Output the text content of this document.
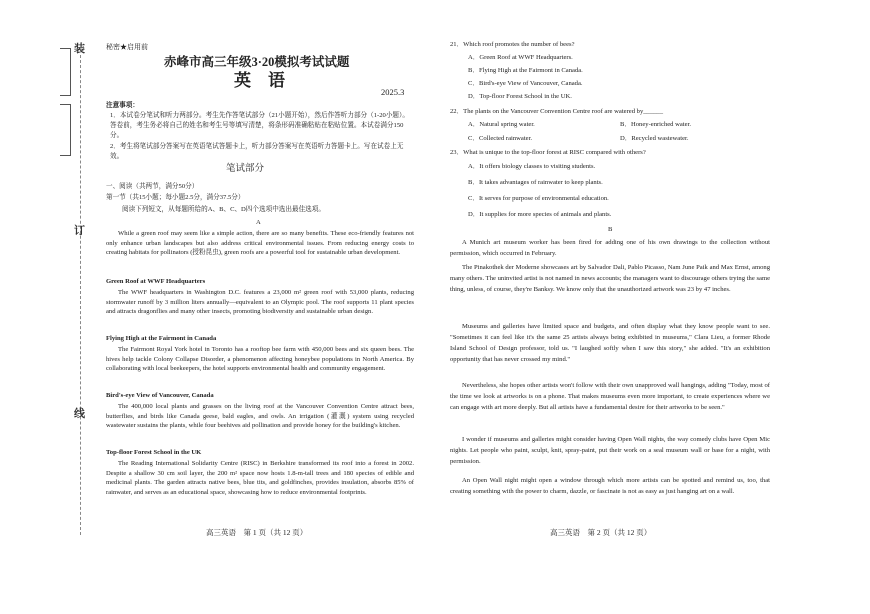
装
订
线
秘密★启用前
赤峰市高三年级3·20模拟考试试题
英　语
2025.3
注意事项：
1．本试卷分笔试和听力两部分。考生先作答笔试部分（21小题开始），然后作答听力部分（1-20小题）。答卷前，考生务必将自己的姓名和考生号等填写清楚，将条形码准确粘贴在粘贴位置。本试卷满分150分。
2．考生将笔试部分答案写在英语笔试答题卡上，听力部分答案写在英语听力答题卡上。写在试卷上无效。
笔试部分
一、阅读（共两节，满分50分）
第一节（共15小题；每小题2.5分，满分37.5分）
阅读下列短文，从每题所给的A、B、C、D四个选项中选出最佳选项。
A
While a green roof may seem like a simple action, there are so many benefits. These eco-friendly features not only enhance urban landscapes but also address critical environmental issues. From reducing energy costs to creating habitats for pollinators (授粉昆虫), green roofs are a powerful tool for sustainable urban development.
Green Roof at WWF Headquarters
The WWF headquarters in Washington D.C. features a 23,000 m² green roof with 53,000 plants, reducing stormwater runoff by 3 million liters annually—equivalent to an Olympic pool. The roof supports 11 plant species and attracts dragonflies and many other insects, promoting biodiversity and sustainable urban design.
Flying High at the Fairmont in Canada
The Fairmont Royal York hotel in Toronto has a rooftop bee farm with 450,000 bees and six queen bees. The hives help tackle Colony Collapse Disorder, a phenomenon affecting honeybee populations in North America. By collaborating with local beekeepers, the hotel supports environmental health and community engagement.
Bird's-eye View of Vancouver, Canada
The 400,000 local plants and grasses on the living roof at the Vancouver Convention Centre attract bees, butterflies, and birds like Canada geese, bald eagles, and owls. An irrigation (灌溉) system using recycled wastewater sustains the plants, while four beehives aid pollination and provide honey for the building's kitchen.
Top-floor Forest School in the UK
The Reading International Solidarity Centre (RISC) in Berkshire transformed its roof into a forest in 2002. Despite a shallow 30 cm soil layer, the 200 m² space now hosts 1.8-m-tall trees and 180 species of edible and medicinal plants. The garden attracts native bees, blue tits, and goldfinches, provides insulation, absorbs 85% of rainwater, and serves as an educational space, showcasing how to reduce environmental footprints.
高三英语　第 1 页（共 12 页）
21．Which roof promotes the number of bees?
A．Green Roof at WWF Headquarters.
B．Flying High at the Fairmont in Canada.
C．Bird's-eye View of Vancouver, Canada.
D．Top-floor Forest School in the UK.
22．The plants on the Vancouver Convention Centre roof are watered by______
A．Natural spring water.	B．Honey-enriched water.
C．Collected rainwater.	D．Recycled wastewater.
23．What is unique to the top-floor forest at RISC compared with others?
A．It offers biology classes to visiting students.
B．It takes advantages of rainwater to keep plants.
C．It serves for purpose of environmental education.
D．It supplies for more species of animals and plants.
B
A Munich art museum worker has been fired for adding one of his own drawings to the collection without permission, which occurred in February.
The Pinakothek der Moderne showcases art by Salvador Dali, Pablo Picasso, Nam June Paik and Max Ernst, among many others. The uninvited artist is not named in news accounts; the managers want to discourage others trying the same thing, unless, of course, they're Banksy. We know only that the unauthorized artwork was 23 by 47 inches.
Museums and galleries have limited space and budgets, and often display what they know people want to see. "Sometimes it can feel like it's the same 25 artists always being exhibited in museums," Clara Lieu, a former Rhode Island School of Design professor, told us. "I laughed softly when I saw this story," she added. "It's an exhibition opportunity that has never crossed my mind."
Nevertheless, she hopes other artists won't follow with their own unapproved wall hangings, adding "Today, most of the time we look at artworks is on a phone. That makes museums even more important, to create experiences where we can engage with art more deeply. But all artists have a fundamental desire for their artworks to be seen."
I wonder if museums and galleries might consider having Open Wall nights, the way comedy clubs have Open Mic nights. Let people who paint, sculpt, knit, spray-paint, put their work on a seal museum wall or base for a night, with permission.
An Open Wall night might open a window through which more artists can be spotted and remind us, too, that creating something with the power to charm, dazzle, or fascinate is not as easy as just hanging art on a wall.
高三英语　第 2 页（共 12 页）
